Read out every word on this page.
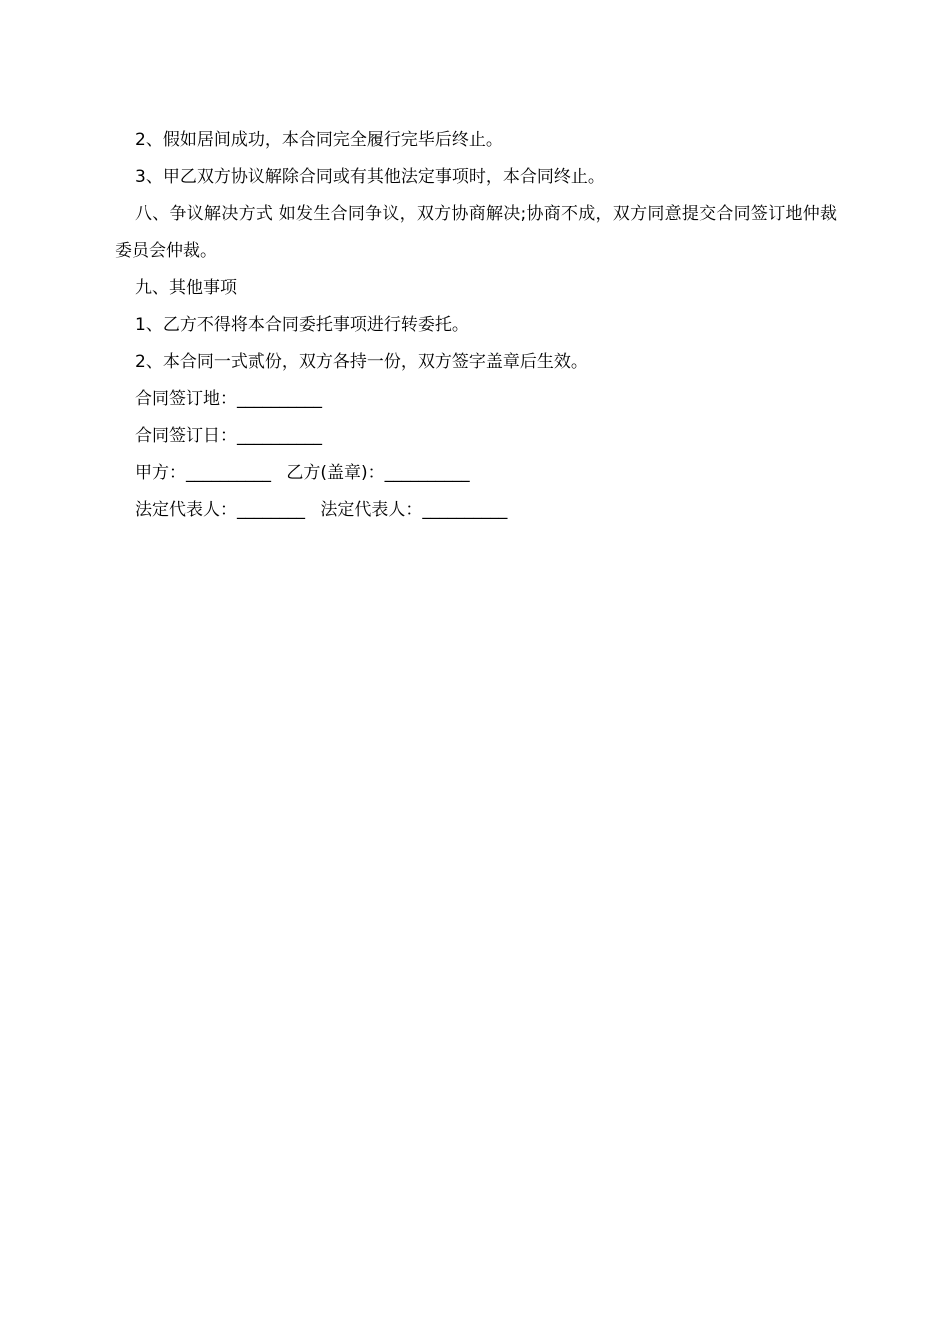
2、假如居间成功，本合同完全履行完毕后终止。
3、甲乙双方协议解除合同或有其他法定事项时，本合同终止。
八、争议解决方式 如发生合同争议，双方协商解决;协商不成，双方同意提交合同签订地仲裁委员会仲裁。
九、其他事项
1、乙方不得将本合同委托事项进行转委托。
2、本合同一式贰份，双方各持一份，双方签字盖章后生效。
合同签订地：__________
合同签订日：__________
甲方：__________ 乙方(盖章)：__________
法定代表人：________ 法定代表人：__________
